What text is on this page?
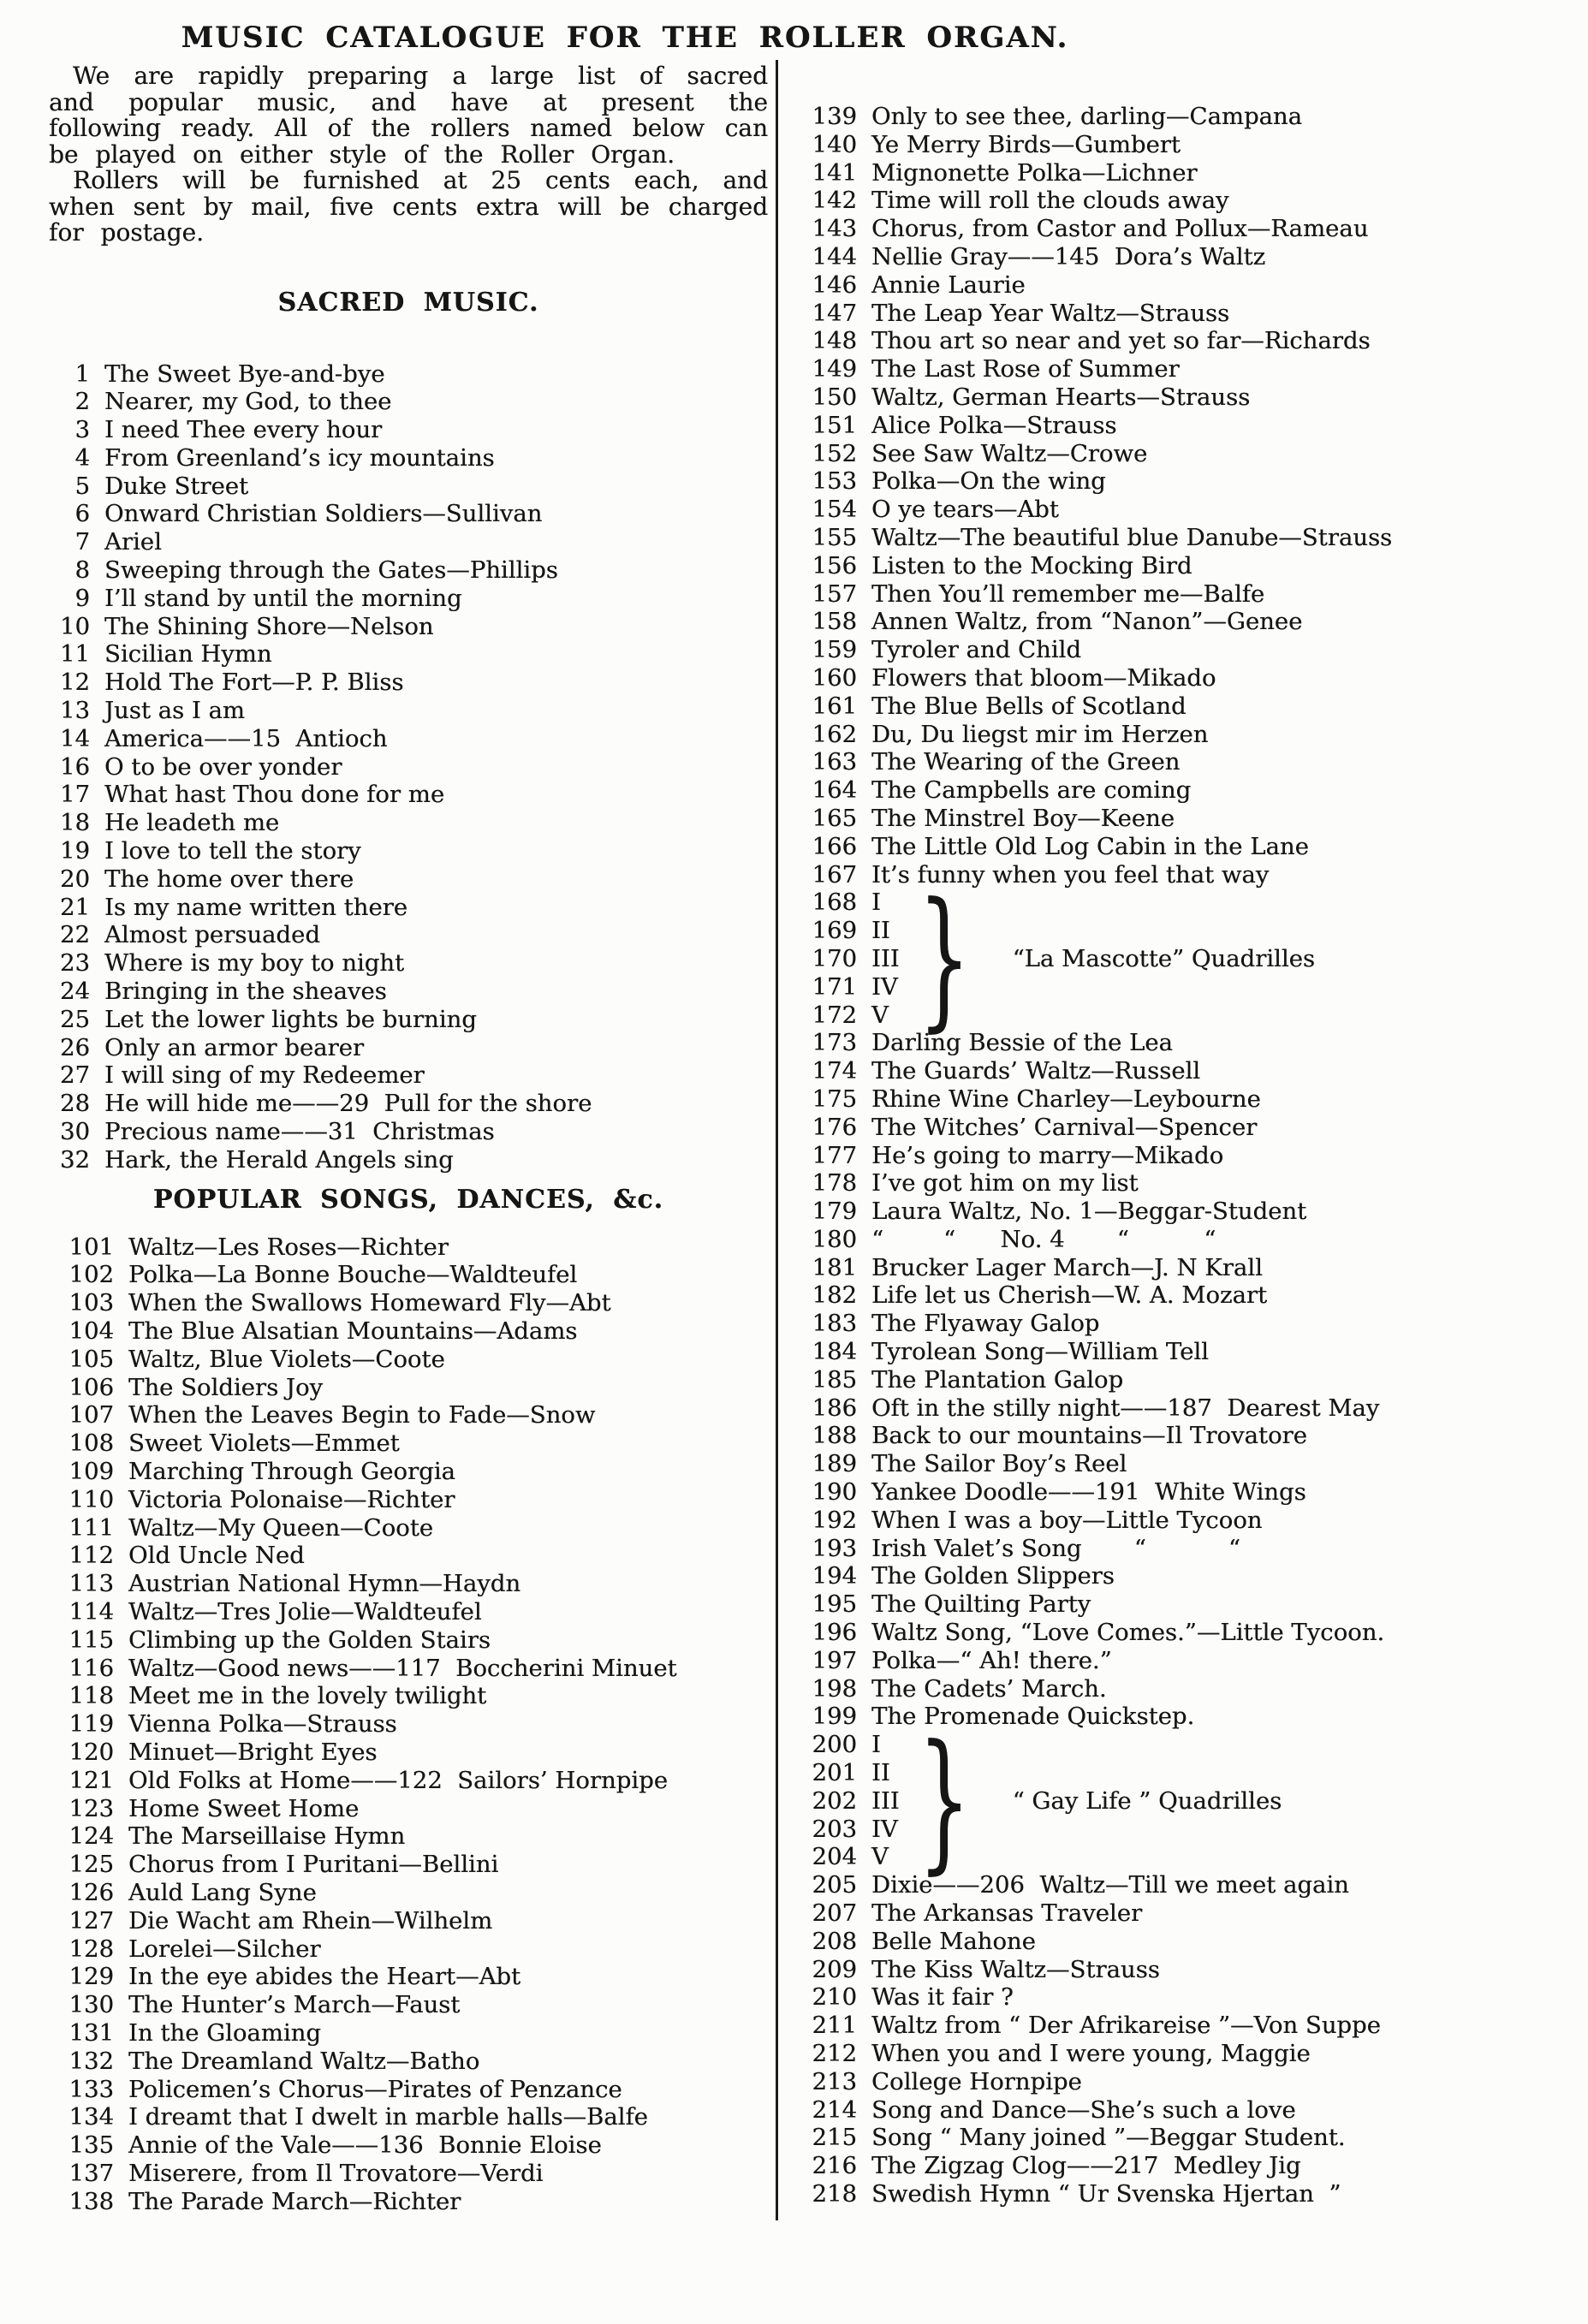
MUSIC CATALOGUE FOR THE ROLLER ORGAN.

We are rapidly preparing a large list of sacred and popular music, and have at present the following ready. All of the rollers named below can be played on either style of the Roller Organ.

Rollers will be furnished at 25 cents each, and when sent by mail, five cents extra will be charged for postage.

SACRED MUSIC.
1 The Sweet Bye-and-bye
2 Nearer, my God, to thee
3 I need Thee every hour
4 From Greenland’s icy mountains
5 Duke Street
6 Onward Christian Soldiers—Sullivan
7 Ariel
8 Sweeping through the Gates—Phillips
9 I’ll stand by until the morning
10 The Shining Shore—Nelson
11 Sicilian Hymn
12 Hold The Fort—P. P. Bliss
13 Just as I am
14 America——15  Antioch
16 O to be over yonder
17 What hast Thou done for me
18 He leadeth me
19 I love to tell the story
20 The home over there
21 Is my name written there
22 Almost persuaded
23 Where is my boy to night
24 Bringing in the sheaves
25 Let the lower lights be burning
26 Only an armor bearer
27 I will sing of my Redeemer
28 He will hide me——29  Pull for the shore
30 Precious name——31  Christmas
32 Hark, the Herald Angels sing
POPULAR SONGS, DANCES, &c.
101 Waltz—Les Roses—Richter
102 Polka—La Bonne Bouche—Waldteufel
103 When the Swallows Homeward Fly—Abt
104 The Blue Alsatian Mountains—Adams
105 Waltz, Blue Violets—Coote
106 The Soldiers Joy
107 When the Leaves Begin to Fade—Snow
108 Sweet Violets—Emmet
109 Marching Through Georgia
110 Victoria Polonaise—Richter
111 Waltz—My Queen—Coote
112 Old Uncle Ned
113 Austrian National Hymn—Haydn
114 Waltz—Tres Jolie—Waldteufel
115 Climbing up the Golden Stairs
116 Waltz—Good news——117  Boccherini Minuet
118 Meet me in the lovely twilight
119 Vienna Polka—Strauss
120 Minuet—Bright Eyes
121 Old Folks at Home——122  Sailors’ Hornpipe
123 Home Sweet Home
124 The Marseillaise Hymn
125 Chorus from I Puritani—Bellini
126 Auld Lang Syne
127 Die Wacht am Rhein—Wilhelm
128 Lorelei—Silcher
129 In the eye abides the Heart—Abt
130 The Hunter’s March—Faust
131 In the Gloaming
132 The Dreamland Waltz—Batho
133 Policemen’s Chorus—Pirates of Penzance
134 I dreamt that I dwelt in marble halls—Balfe
135 Annie of the Vale——136  Bonnie Eloise
137 Miserere, from Il Trovatore—Verdi
138 The Parade March—Richter
139 Only to see thee, darling—Campana
140 Ye Merry Birds—Gumbert
141 Mignonette Polka—Lichner
142 Time will roll the clouds away
143 Chorus, from Castor and Pollux—Rameau
144 Nellie Gray——145  Dora’s Waltz
146 Annie Laurie
147 The Leap Year Waltz—Strauss
148 Thou art so near and yet so far—Richards
149 The Last Rose of Summer
150 Waltz, German Hearts—Strauss
151 Alice Polka—Strauss
152 See Saw Waltz—Crowe
153 Polka—On the wing
154 O ye tears—Abt
155 Waltz—The beautiful blue Danube—Strauss
156 Listen to the Mocking Bird
157 Then You’ll remember me—Balfe
158 Annen Waltz, from “Nanon”—Genee
159 Tyroler and Child
160 Flowers that bloom—Mikado
161 The Blue Bells of Scotland
162 Du, Du liegst mir im Herzen
163 The Wearing of the Green
164 The Campbells are coming
165 The Minstrel Boy—Keene
166 The Little Old Log Cabin in the Lane
167 It’s funny when you feel that way
168 I
169 II
170 III
171 IV
172 V } “La Mascotte” Quadrilles
173 Darling Bessie of the Lea
174 The Guards’ Waltz—Russell
175 Rhine Wine Charley—Leybourne
176 The Witches’ Carnival—Spencer
177 He’s going to marry—Mikado
178 I’ve got him on my list
179 Laura Waltz, No. 1—Beggar-Student
180 “        “      No. 4       “          “
181 Brucker Lager March—J. N Krall
182 Life let us Cherish—W. A. Mozart
183 The Flyaway Galop
184 Tyrolean Song—William Tell
185 The Plantation Galop
186 Oft in the stilly night——187  Dearest May
188 Back to our mountains—Il Trovatore
189 The Sailor Boy’s Reel
190 Yankee Doodle——191  White Wings
192 When I was a boy—Little Tycoon
193 Irish Valet’s Song       “           “
194 The Golden Slippers
195 The Quilting Party
196 Waltz Song, “Love Comes.”—Little Tycoon.
197 Polka—“ Ah! there.”
198 The Cadets’ March.
199 The Promenade Quickstep.
200 I
201 II
202 III
203 IV
204 V } “ Gay Life ” Quadrilles
205 Dixie——206  Waltz—Till we meet again
207 The Arkansas Traveler
208 Belle Mahone
209 The Kiss Waltz—Strauss
210 Was it fair ?
211 Waltz from “ Der Afrikareise ”—Von Suppe
212 When you and I were young, Maggie
213 College Hornpipe
214 Song and Dance—She’s such a love
215 Song “ Many joined ”—Beggar Student.
216 The Zigzag Clog——217  Medley Jig
218 Swedish Hymn “ Ur Svenska Hjertan  ”
